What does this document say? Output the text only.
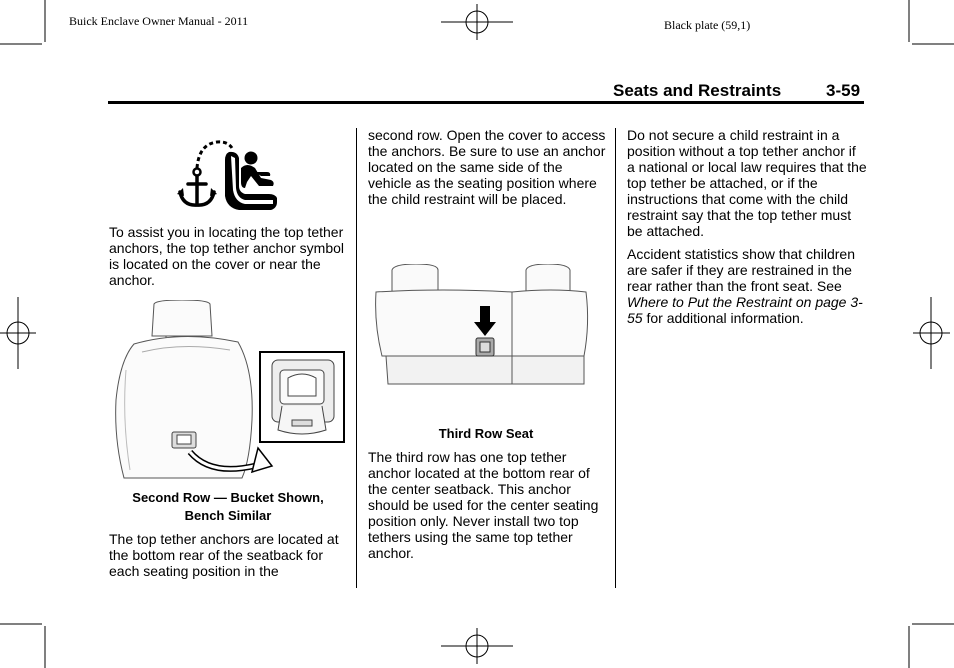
Buick Enclave Owner Manual - 2011	Black plate (59,1)
Seats and Restraints	3-59
To assist you in locating the top tether anchors, the top tether anchor symbol is located on the cover or near the anchor.
Second Row — Bucket Shown,
Bench Similar
The top tether anchors are located at the bottom rear of the seatback for each seating position in the
second row. Open the cover to access the anchors. Be sure to use an anchor located on the same side of the vehicle as the seating position where the child restraint will be placed.
Third Row Seat
The third row has one top tether anchor located at the bottom rear of the center seatback. This anchor should be used for the center seating position only. Never install two top tethers using the same top tether anchor.

Do not secure a child restraint in a position without a top tether anchor if a national or local law requires that the top tether be attached, or if the instructions that come with the child restraint say that the top tether must be attached.

Accident statistics show that children are safer if they are restrained in the rear rather than the front seat. See Where to Put the Restraint on page 3-55 for additional information.
